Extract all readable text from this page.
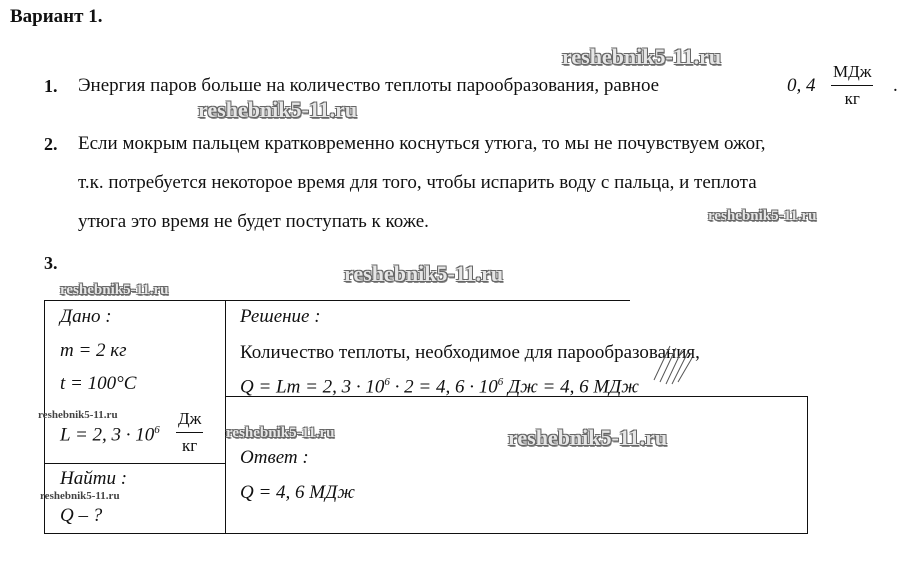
Вариант 1.
1. Энергия паров больше на количество теплоты парообразования, равное	0, 4
МДж
кг
.
2. Если мокрым пальцем кратковременно коснуться утюга, то мы не почувствуем ожог,
т.к. потребуется некоторое время для того, чтобы испарить воду с пальца, и теплота
утюга это время не будет поступать к коже.
3.
Дано :
m = 2 кг
t = 100°C
L = 2, $3 \cdot 10^6$
Дж
кг
Найти :
Q – ?
Решение :
Количество теплоты, необходимое для парообразования,
Q = Lm = 2, $3 \cdot 10^6 \cdot 2 = 4$, $6 \cdot 10^6$ Дж = 4, 6 МДж
Ответ :
Q = 4, 6 МДж
reshebnik5-11.ru
reshebnik5-11.ru
reshebnik5-11.ru
reshebnik5-11.ru
reshebnik5-11.ru
reshebnik5-11.ru
reshebnik5-11.ru
reshebnik5-11.ru
reshebnik5-11.ru
